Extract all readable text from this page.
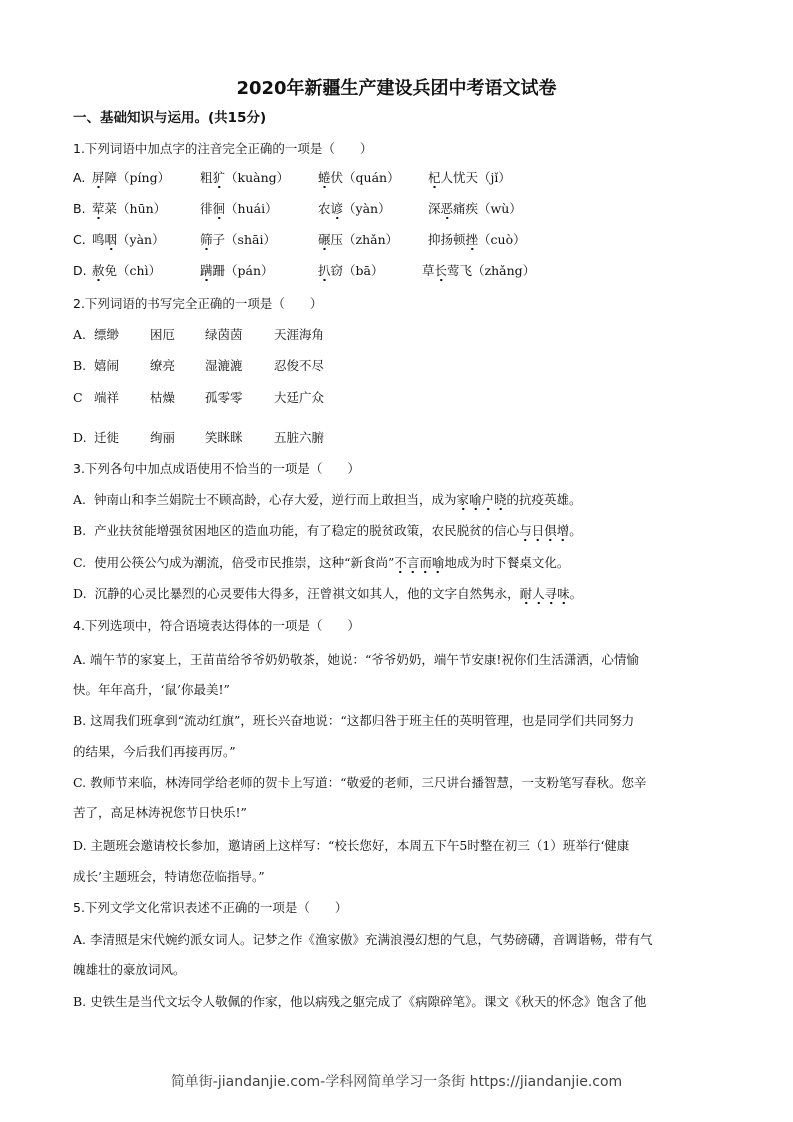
2020年新疆生产建设兵团中考语文试卷
一、基础知识与运用。(共15分)
1.下列词语中加点字的注音完全正确的一项是（　　）
A. 屏障（píng） 粗犷（kuàng） 蜷伏（quán） 杞人忧天（jǐ）
B. 荤菜（hūn）	徘徊（huái）	农谚（yàn）	深恶痛疾（wù）
C. 鸣咽（yàn）	筛子（shāi）	碾压（zhǎn） 抑扬顿挫（cuò）
D. 赦免（chì）	蹒跚（pán）	扒窃（bā）	草长莺飞（zhǎng）
2.下列词语的书写完全正确的一项是（　　）
A. 缥缈 困厄 绿茵茵	天涯海角
B. 嬉闹 缭亮 湿漉漉	忍俊不尽
C 端祥 枯燥 孤零零	大廷广众
D. 迁徙 绚丽 笑眯眯	五脏六腑
3.下列各句中加点成语使用不恰当的一项是（　　）
A. 钟南山和李兰娟院士不顾高龄，心存大爱，逆行而上敢担当，成为家喻户晓的抗疫英雄。
B. 产业扶贫能增强贫困地区的造血功能，有了稳定的脱贫政策，农民脱贫的信心与日俱增。
C. 使用公筷公勺成为潮流，倍受市民推崇，这种“新食尚”不言而喻地成为时下餐桌文化。
D. 沉静的心灵比暴烈的心灵要伟大得多，汪曾祺文如其人，他的文字自然隽永，耐人寻味。
4.下列选项中，符合语境表达得体的一项是（　　）
A. 端午节的家宴上，王苗苗给爷爷奶奶敬茶，她说：“爷爷奶奶，端午节安康!祝你们生活潇洒，心情愉
快。年年高升，‘鼠’你最美!”
B. 这周我们班拿到“流动红旗”，班长兴奋地说：“这都归咎于班主任的英明管理，也是同学们共同努力
的结果，今后我们再接再厉。”
C. 教师节来临，林涛同学给老师的贺卡上写道：“敬爱的老师，三尺讲台播智慧，一支粉笔写春秋。您辛
苦了，高足林涛祝您节日快乐!”
D. 主题班会邀请校长参加，邀请函上这样写：“校长您好，本周五下午5时整在初三（1）班举行‘健康
成长’主题班会，特请您莅临指导。”
5.下列文学文化常识表述不正确的一项是（　　）
A. 李清照是宋代婉约派女词人。记梦之作《渔家傲》充满浪漫幻想的气息，气势磅礴，音调谐畅，带有气
魄雄壮的豪放词风。
B. 史铁生是当代文坛令人敬佩的作家，他以病残之躯完成了《病隙碎笔》。课文《秋天的怀念》饱含了他
简单街-jiandanjie.com-学科网简单学习一条街 https://jiandanjie.com
